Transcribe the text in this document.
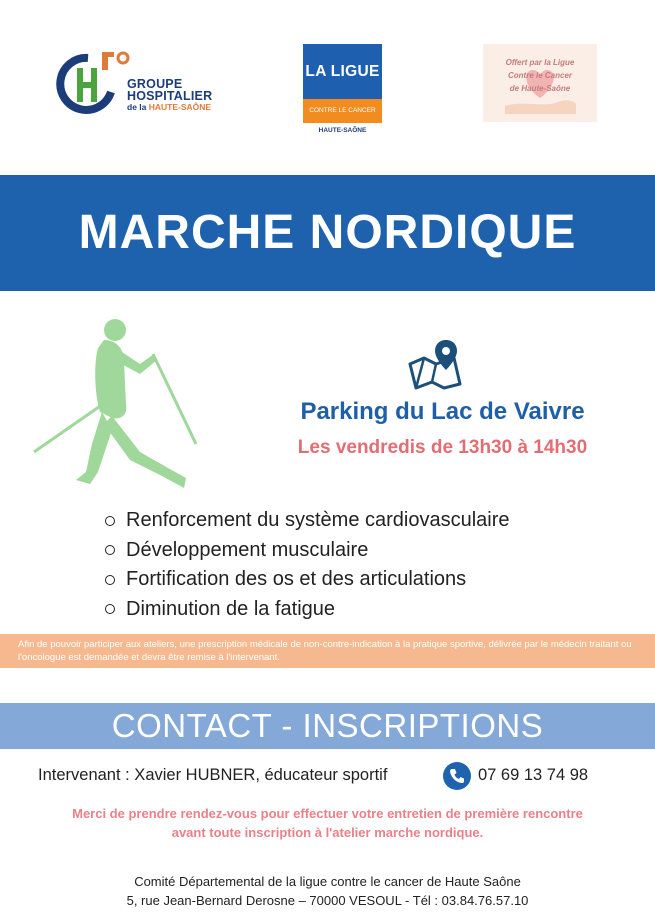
GROUPE
HOSPITALIER
de la HAUTE-SAÔNE
LA LIGUE
CONTRE LE CANCER
HAUTE-SAÔNE
Offert par la Ligue
Contre le Cancer
de Haute-Saône
MARCHE NORDIQUE
Parking du Lac de Vaivre
Les vendredis de 13h30 à 14h30
Renforcement du système cardiovasculaire
Développement musculaire
Fortification des os et des articulations
Diminution de la fatigue
Afin de pouvoir participer aux ateliers, une prescription médicale de non-contre-indication à la pratique sportive, délivrée par le médecin traitant ou l'oncologue est demandée et devra être remise à l'intervenant.
CONTACT - INSCRIPTIONS
Intervenant : Xavier HUBNER, éducateur sportif	07 69 13 74 98
Merci de prendre rendez-vous pour effectuer votre entretien de première rencontre
avant toute inscription à l'atelier marche nordique.
Comité Départemental de la ligue contre le cancer de Haute Saône
5, rue Jean-Bernard Derosne – 70000 VESOUL - Tél : 03.84.76.57.10
